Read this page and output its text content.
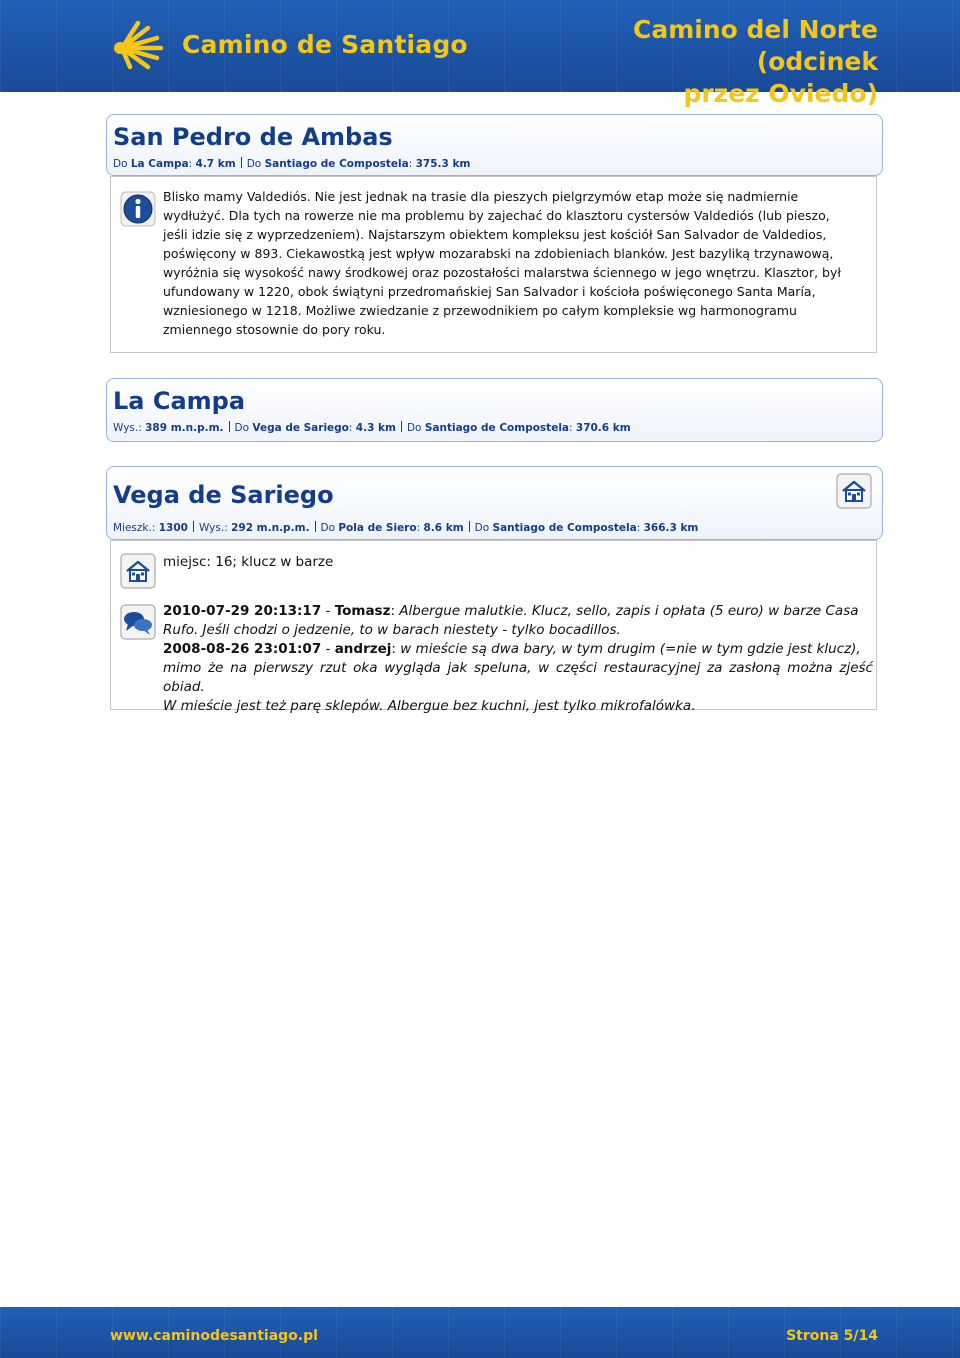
Camino de Santiago
Camino del Norte (odcinek
przez Oviedo)
San Pedro de Ambas
Do La Campa: 4.7 km Do Santiago de Compostela: 375.3 km
Blisko mamy Valdediós. Nie jest jednak na trasie dla pieszych pielgrzymów etap może się nadmiernie
wydłużyć. Dla tych na rowerze nie ma problemu by zajechać do klasztoru cystersów Valdediós (lub pieszo,
jeśli idzie się z wyprzedzeniem). Najstarszym obiektem kompleksu jest kościół San Salvador de Valdedios,
poświęcony w 893. Ciekawostką jest wpływ mozarabski na zdobieniach blanków. Jest bazyliką trzynawową,
wyróżnia się wysokość nawy środkowej oraz pozostałości malarstwa ściennego w jego wnętrzu. Klasztor, był
ufundowany w 1220, obok świątyni przedromańskiej San Salvador i kościoła poświęconego Santa María,
wzniesionego w 1218. Możliwe zwiedzanie z przewodnikiem po całym kompleksie wg harmonogramu
zmiennego stosownie do pory roku.
La Campa
Wys.: 389 m.n.p.m. Do Vega de Sariego: 4.3 km Do Santiago de Compostela: 370.6 km
Vega de Sariego
Mieszk.: 1300 Wys.: 292 m.n.p.m. Do Pola de Siero: 8.6 km Do Santiago de Compostela: 366.3 km
miejsc: 16; klucz w barze
2010-07-29 20:13:17 - Tomasz: Albergue malutkie. Klucz, sello, zapis i opłata (5 euro) w barze Casa
Rufo. Jeśli chodzi o jedzenie, to w barach niestety - tylko bocadillos.
2008-08-26 23:01:07 - andrzej: w mieście są dwa bary, w tym drugim (=nie w tym gdzie jest klucz),
mimo że na pierwszy rzut oka wygląda jak speluna, w części restauracyjnej za zasłoną można zjeść obiad.
W mieście jest też parę sklepów. Albergue bez kuchni, jest tylko mikrofalówka.
www.caminodesantiago.pl	Strona 5/14
